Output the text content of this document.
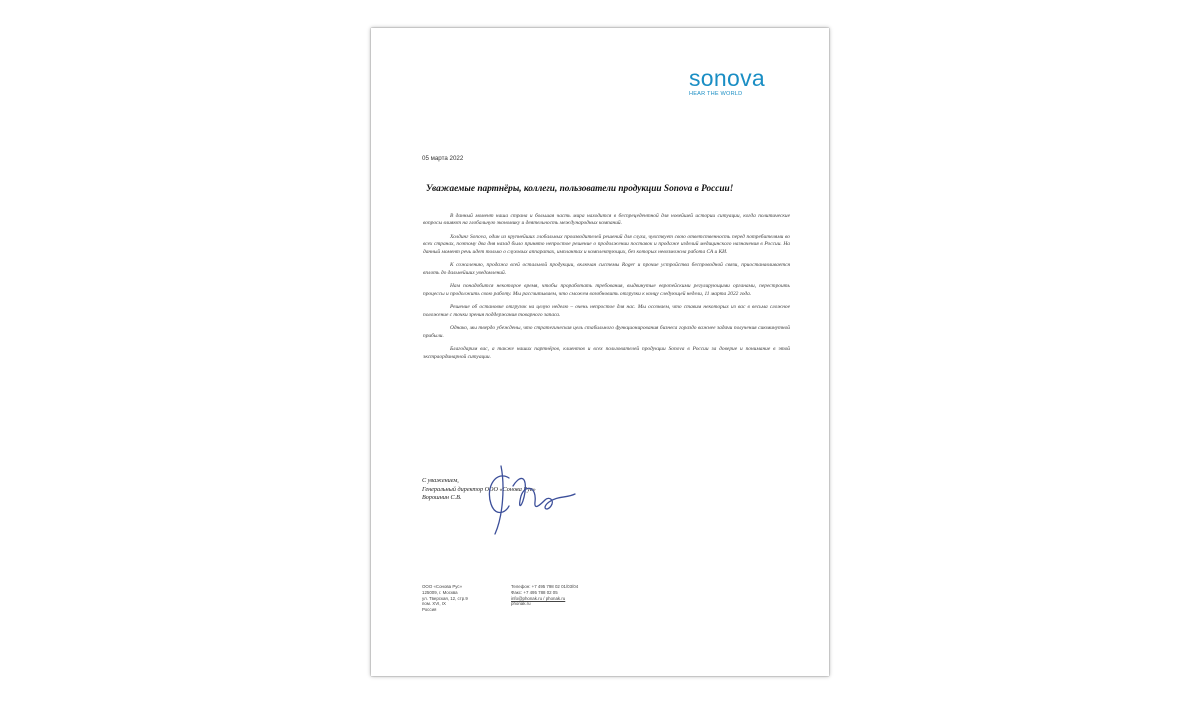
sonova
HEAR THE WORLD
05 марта 2022
Уважаемые партнёры, коллеги, пользователи продукции Sonova в России!

В данный момент наша страна и большая часть мира находится в беспрецедентной для новейшей истории ситуации, когда политические вопросы влияют на глобальную экономику и деятельность международных компаний.

Холдинг Sonova, один из крупнейших глобальных производителей решений для слуха, чувствует свою ответственность перед потребителями во всех странах, поэтому два дня назад было принято непростое решение о продолжении поставок и продаже изделий медицинского назначения в России. На данный момент речь идет только о слуховых аппаратах, имплантах и комплектующих, без которых невозможна работа СА и КИ.

К сожалению, продажа всей остальной продукции, включая системы Roger и прочие устройства беспроводной связи, приостанавливается вплоть до дальнейших уведомлений.

Нам понадобится некоторое время, чтобы проработать требования, выдвинутые европейскими регулирующими органами, перестроить процессы и продолжить свою работу. Мы рассчитываем, что сможем возобновить отгрузки к концу следующей недели, 11 марта 2022 года.

Решение об остановке отгрузок на целую неделю – очень непростое для нас. Мы осознаем, что ставим некоторых из вас в весьма сложное положение с точки зрения поддержания товарного запаса.

Однако, мы твердо убеждены, что стратегическая цель стабильного функционирования бизнеса гораздо важнее задачи получения сиюминутной прибыли.

Благодарим вас, а также наших партнёров, клиентов и всех пользователей продукции Sonova в России за доверие и понимание в этой экстраординарной ситуации.

С уважением,
Генеральный директор ООО «Сонова Рус»
Ворошнин С.В.
ООО «Сонова Рус»
125009, г. Москва
ул. Тверская, 12, стр.9
пом. XVI, IX
Россия
Телефон: +7 495 798 02 01/03/04
Факс: +7 495 788 02 05
info@phonak.ru / phonak.ru
phonak.ru
